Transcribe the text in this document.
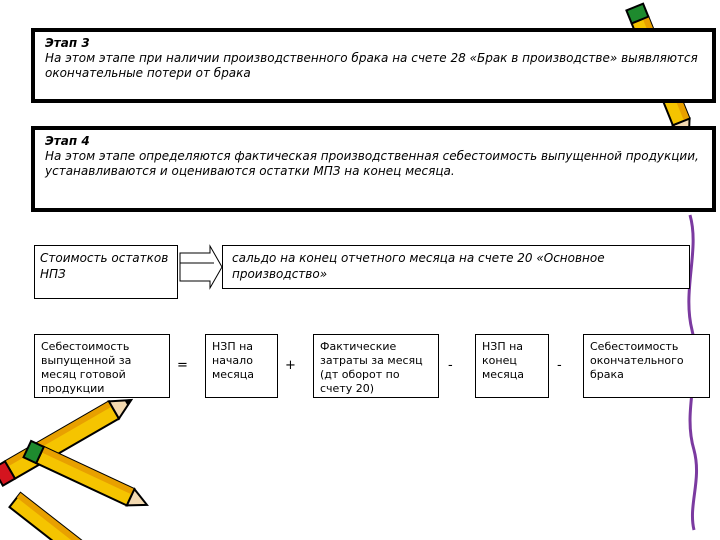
Этап 3
На этом этапе при наличии производственного брака на счете 28 «Брак в производстве» выявляются окончательные потери от брака
Этап 4
На этом этапе определяются фактическая производственная себестоимость выпущенной продукции, устанавливаются и оцениваются остатки МПЗ на конец месяца.
Стоимость остатков НПЗ
сальдо на конец отчетного месяца на счете 20 «Основное производство»
Себестоимость выпущенной за месяц готовой продукции
=
НЗП на начало месяца
+
Фактические затраты за месяц (дт оборот по счету 20)
-
НЗП на конец месяца
-
Себестоимость окончательного брака
